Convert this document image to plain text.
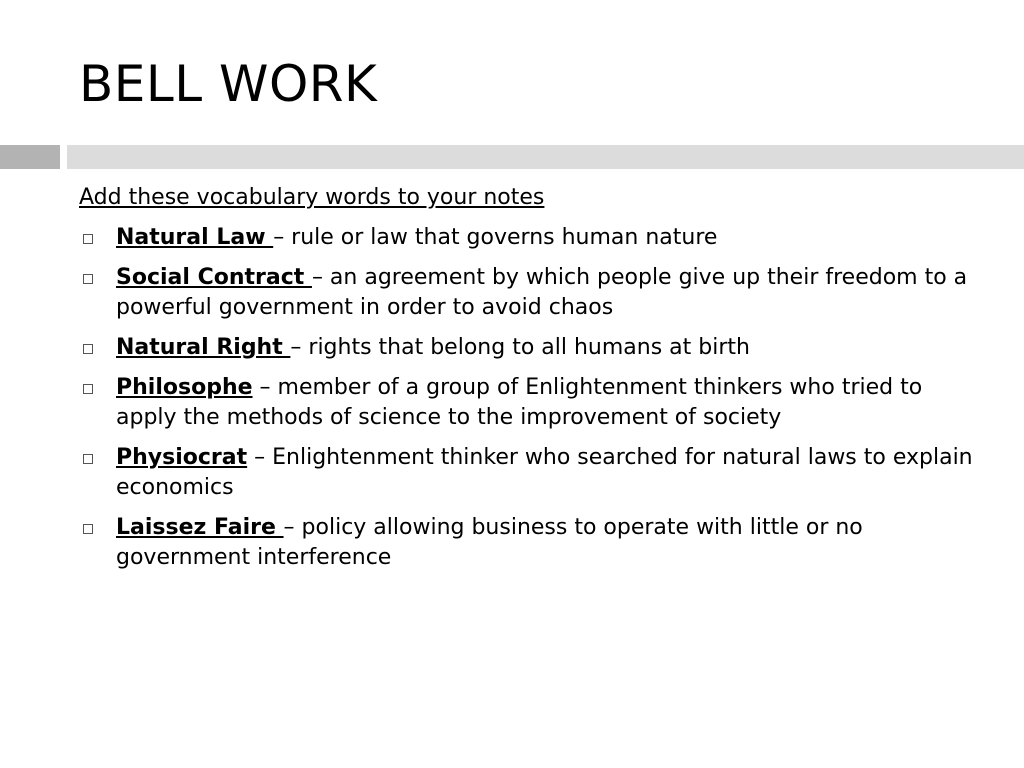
BELL WORK
Add these vocabulary words to your notes
Natural Law – rule or law that governs human nature
Social Contract – an agreement by which people give up their freedom to a powerful government in order to avoid chaos
Natural Right – rights that belong to all humans at birth
Philosophe – member of a group of Enlightenment thinkers who tried to apply the methods of science to the improvement of society
Physiocrat – Enlightenment thinker who searched for natural laws to explain economics
Laissez Faire – policy allowing business to operate with little or no government interference
